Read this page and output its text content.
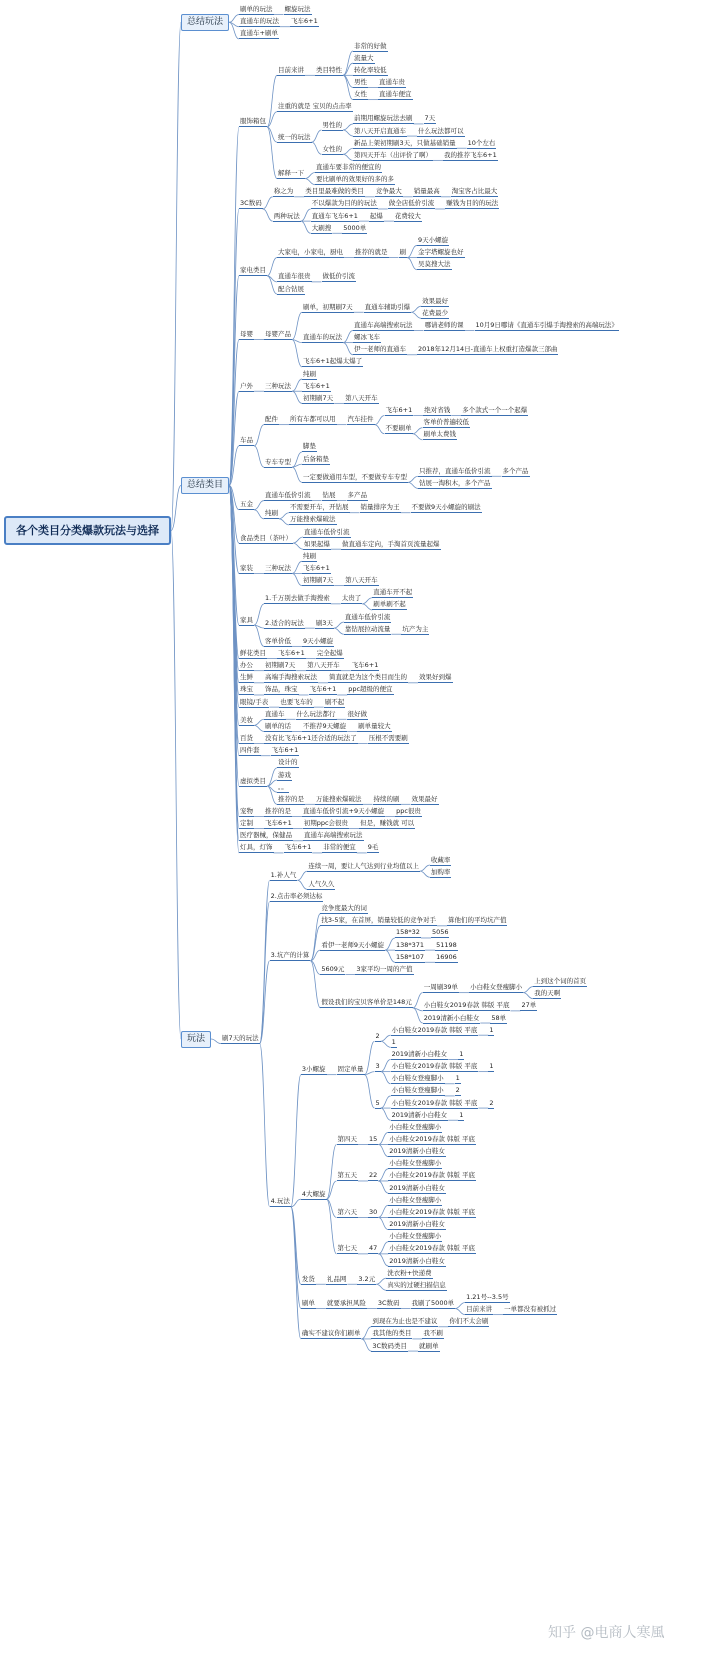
各个类目分类爆款玩法与选择
总结玩法
刷单的玩法 螺旋玩法
直通车的玩法 飞车6+1
直通车+刷单
总结类目
服饰箱包
目前来讲 类目特性
非常的好做
流量大
转化率较低
男性 直通车贵
女性 直通车便宜
注重的就是 宝贝的点击率
统一的玩法
男性的
前期用螺旋玩法去刷 7天
第八天开启直通车 什么玩法都可以
女性的
新品上架初期刷3天，只做基础销量 10个左右
第四天开车（出评价了啊） 我的推荐飞车6+1
解释一下
直通车要非常的便宜的
要比刷单的效果好的多的多
3C数码
称之为 类目里最难做的类目 竞争最大 销量最高 淘宝客占比最大
两种玩法
不以爆款为目的的玩法 做全店低价引流 赚钱为目的的玩法
直通车飞车6+1 起爆 花费较大
大刷搜 5000单
家电类目
大家电，小家电，厨电 推荐的就是 刷
9天小螺旋
金字塔螺旋也好
吴莫搜大法
直通车很贵 做低价引流
配合钻展
母婴 母婴产品
刷单，初期刷7天 直通车辅助引爆
效果最好
花费最少
直通车的玩法
直通车高端搜索玩法 哪请老师的课 10月9日哪请《直通车引爆手淘搜索的高端玩法》
螺冰飞车
伊一老师的直通车 2018年12月14日-直通车上权重打造爆款三部曲
飞车6+1起爆太爆了
户外 三种玩法
纯刷
飞车6+1
初期刷7天 第八天开车
车品
配件 所有车都可以用 汽车挂件
飞车6+1 绝对省钱 多个款式一个一个起爆
不要刷单
客单价普遍较低
刷单太费钱
专车专型
脚垫
后备箱垫
一定要做通用车型，不要做专车专型
只推荐，直通车低价引流 多个产品
钻展一淘积木，多个产品
五金
直通车低价引流 钻展 多产品
纯刷
不需要开车，开钻展 销量排序为王 不要做9天小螺旋的刷法
万能搜索爆破法
食品类目（茶叶）
直通车低价引流
如果起爆 做直通车定向，手淘首页流量起爆
家装 三种玩法
纯刷
飞车6+1
初期刷7天 第八天开车
家具
1.千万别去做手淘搜索 太贵了
直通车开不起
刷单刷不起
2.适合的玩法 刷3天
直通车低价引流
靠钻展拉动流量 坑产为主
客单价低 9天小螺旋
鲜花类目 飞车6+1 完全起爆
办公 初期刷7天 第八天开车 飞车6+1
生鲜 高端手淘搜索玩法 简直就是为这个类目而生的 效果好到爆
珠宝 饰品，珠宝 飞车6+1 ppc超级的便宜
眼镜/手表 也要飞车的 刷不起
美妆
直通车 什么玩法都行 很好做
刷单的话 不推荐9天螺旋 刷单量较大
百货 没有比飞车6+1还合适的玩法了 压根不需要刷
四件套 飞车6+1
虚拟类目
设计的
游戏
。。
推荐的是 万能搜索爆破法 持续的刷 效果最好
宠物 推荐的是 直通车低价引流+9天小螺旋 ppc很贵
定制 飞车6+1 初期ppc会很贵 但是，赚钱就 可以
医疗器械，保健品 直通车高端搜索玩法
灯具，灯饰 飞车6+1 非常的便宜 9毛
玩法	刷7天的玩法
1.补人气
连续一周，要让人气达到行业均值以上
收藏率
加购率
人气久久
2.点击率必须达标
3.坑产的计算
竞争度最大的词
找3-5家，在首屏，销量较低的竞争对手 算他们的平均坑产值
看伊一老师9天小螺旋
158*32 5056
138*371 51198
158*107 16906
5609元 3家平均一周的产值
假设我们的宝贝客单价是148元
一周刷39单 小白鞋女登瘦脚小
上到这个词的首页
我的天啊
小白鞋女2019春款 韩版 平底 27单
2019清新小白鞋女 58单
4.玩法
3小螺旋 固定单量
2
小白鞋女2019春款 韩版 平底 1
1
3
2019清新小白鞋女 1
小白鞋女2019春款 韩版 平底 1
小白鞋女登瘦脚小 1
5
小白鞋女登瘦脚小 2
小白鞋女2019春款 韩版 平底 2
2019清新小白鞋女 1
4大螺旋
第四天 15
小白鞋女登瘦脚小
小白鞋女2019春款 韩版 平底
2019清新小白鞋女
第五天 22
小白鞋女登瘦脚小
小白鞋女2019春款 韩版 平底
2019清新小白鞋女
第六天 30
小白鞋女登瘦脚小
小白鞋女2019春款 韩版 平底
2019清新小白鞋女
第七天 47
小白鞋女登瘦脚小
小白鞋女2019春款 韩版 平底
2019清新小白鞋女
发货 礼品网 3.2元
洗衣粉+快递费
真实的过硬扫描信息
刷单 就要承担风险 3C数码 我刷了5000单
1.21号--3.5号
目前来讲 一单都没有被抓过
确实不建议你们刷单
到现在为止也是不建议 你们不太会刷
我其他的类目 我不刷
3C数码类目 就刷单
知乎 @电商人寒風
